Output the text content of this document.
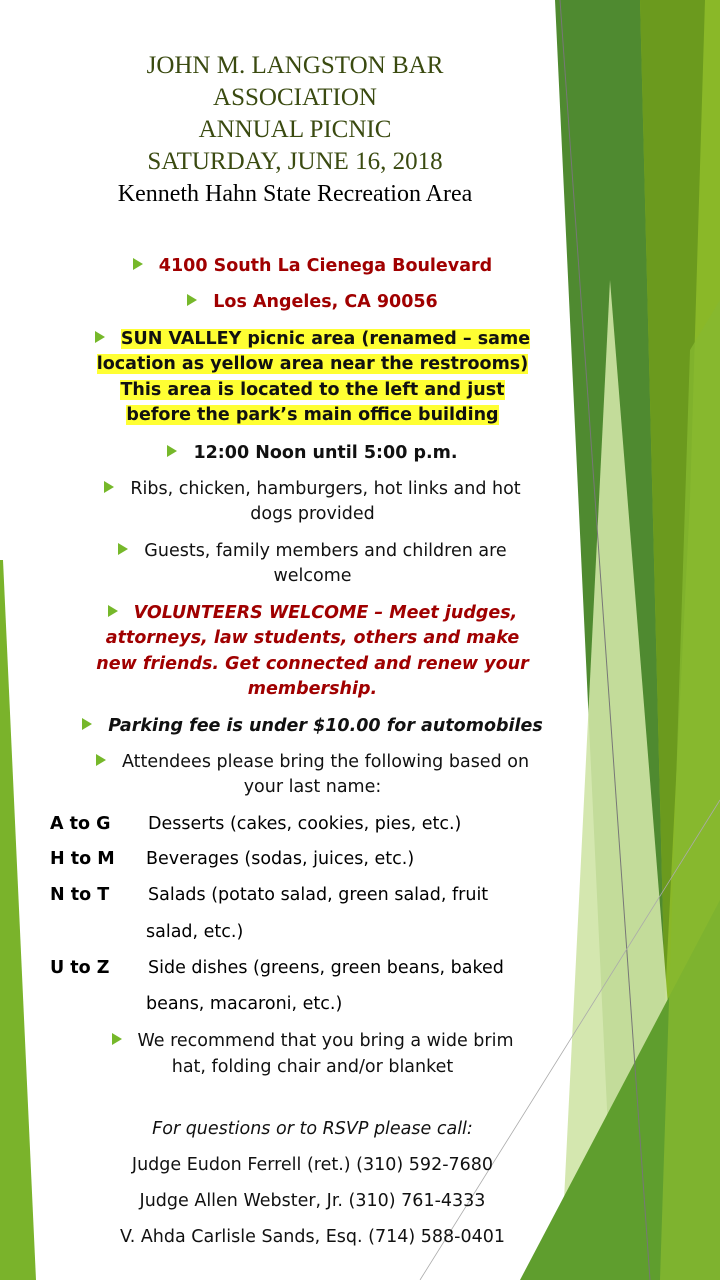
JOHN M. LANGSTON BAR
ASSOCIATION
ANNUAL PICNIC
SATURDAY, JUNE 16, 2018
Kenneth Hahn State Recreation Area
4100 South La Cienega Boulevard
Los Angeles, CA 90056
SUN VALLEY picnic area (renamed – same
location as yellow area near the restrooms)
This area is located to the left and just
before the park’s main office building
12:00 Noon until 5:00 p.m.
Ribs, chicken, hamburgers, hot links and hot
dogs provided
Guests, family members and children are
welcome
VOLUNTEERS WELCOME – Meet judges,
attorneys, law students, others and make
new friends. Get connected and renew your
membership.
Parking fee is under $10.00 for automobiles
Attendees please bring the following based on
your last name:
A to G Desserts (cakes, cookies, pies, etc.)
H to M Beverages (sodas, juices, etc.)
N to T Salads (potato salad, green salad, fruit
salad, etc.)
U to Z Side dishes (greens, green beans, baked
beans, macaroni, etc.)
We recommend that you bring a wide brim
hat, folding chair and/or blanket
For questions or to RSVP please call:
Judge Eudon Ferrell (ret.) (310) 592-7680
Judge Allen Webster, Jr. (310) 761-4333
V. Ahda Carlisle Sands, Esq. (714) 588-0401
